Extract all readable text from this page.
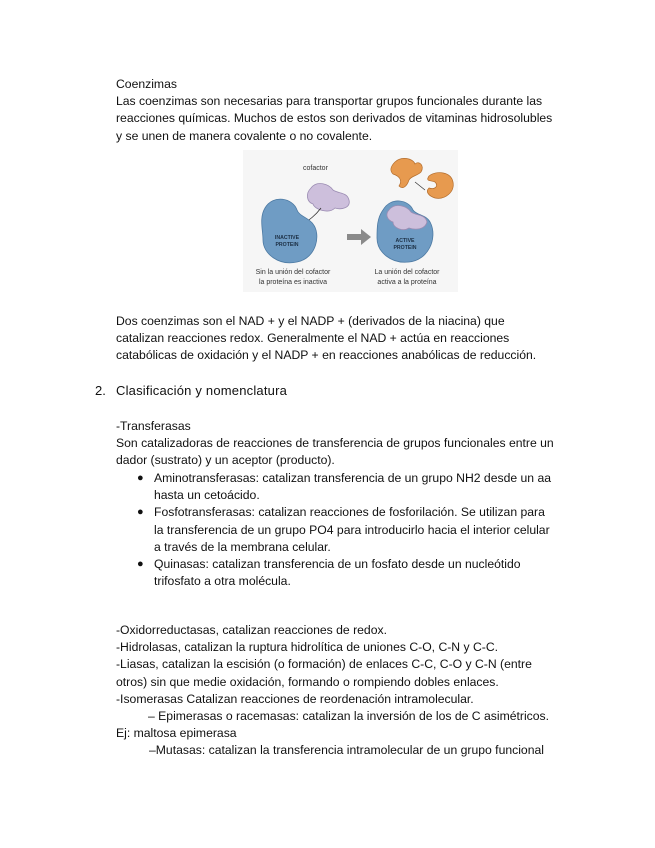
Coenzimas
Las coenzimas son necesarias para transportar grupos funcionales durante las
reacciones químicas. Muchos de estos son derivados de vitaminas hidrosolubles
y se unen de manera covalente o no covalente.
cofactor
INACTIVE
PROTEIN
ACTIVE
PROTEIN
Sin la unión del cofactor
la proteína es inactiva
La unión del cofactor
activa a la proteína
Dos coenzimas son el NAD + y el NADP + (derivados de la niacina) que
catalizan reacciones redox. Generalmente el NAD + actúa en reacciones
catabólicas de oxidación y el NADP + en reacciones anabólicas de reducción.
2. Clasificación y nomenclatura
-Transferasas
Son catalizadoras de reacciones de transferencia de grupos funcionales entre un
dador (sustrato) y un aceptor (producto).
● Aminotransferasas: catalizan transferencia de un grupo NH2 desde un aa
hasta un cetoácido.
● Fosfotransferasas: catalizan reacciones de fosforilación. Se utilizan para
la transferencia de un grupo PO4 para introducirlo hacia el interior celular
a través de la membrana celular.
● Quinasas: catalizan transferencia de un fosfato desde un nucleótido
trifosfato a otra molécula.
-Oxidorreductasas, catalizan reacciones de redox.
-Hidrolasas, catalizan la ruptura hidrolítica de uniones C-O, C-N y C-C.
-Liasas, catalizan la escisión (o formación) de enlaces C-C, C-O y C-N (entre
otros) sin que medie oxidación, formando o rompiendo dobles enlaces.
-Isomerasas Catalizan reacciones de reordenación intramolecular.
– Epimerasas o racemasas: catalizan la inversión de los de C asimétricos.
Ej: maltosa epimerasa
–Mutasas: catalizan la transferencia intramolecular de un grupo funcional
